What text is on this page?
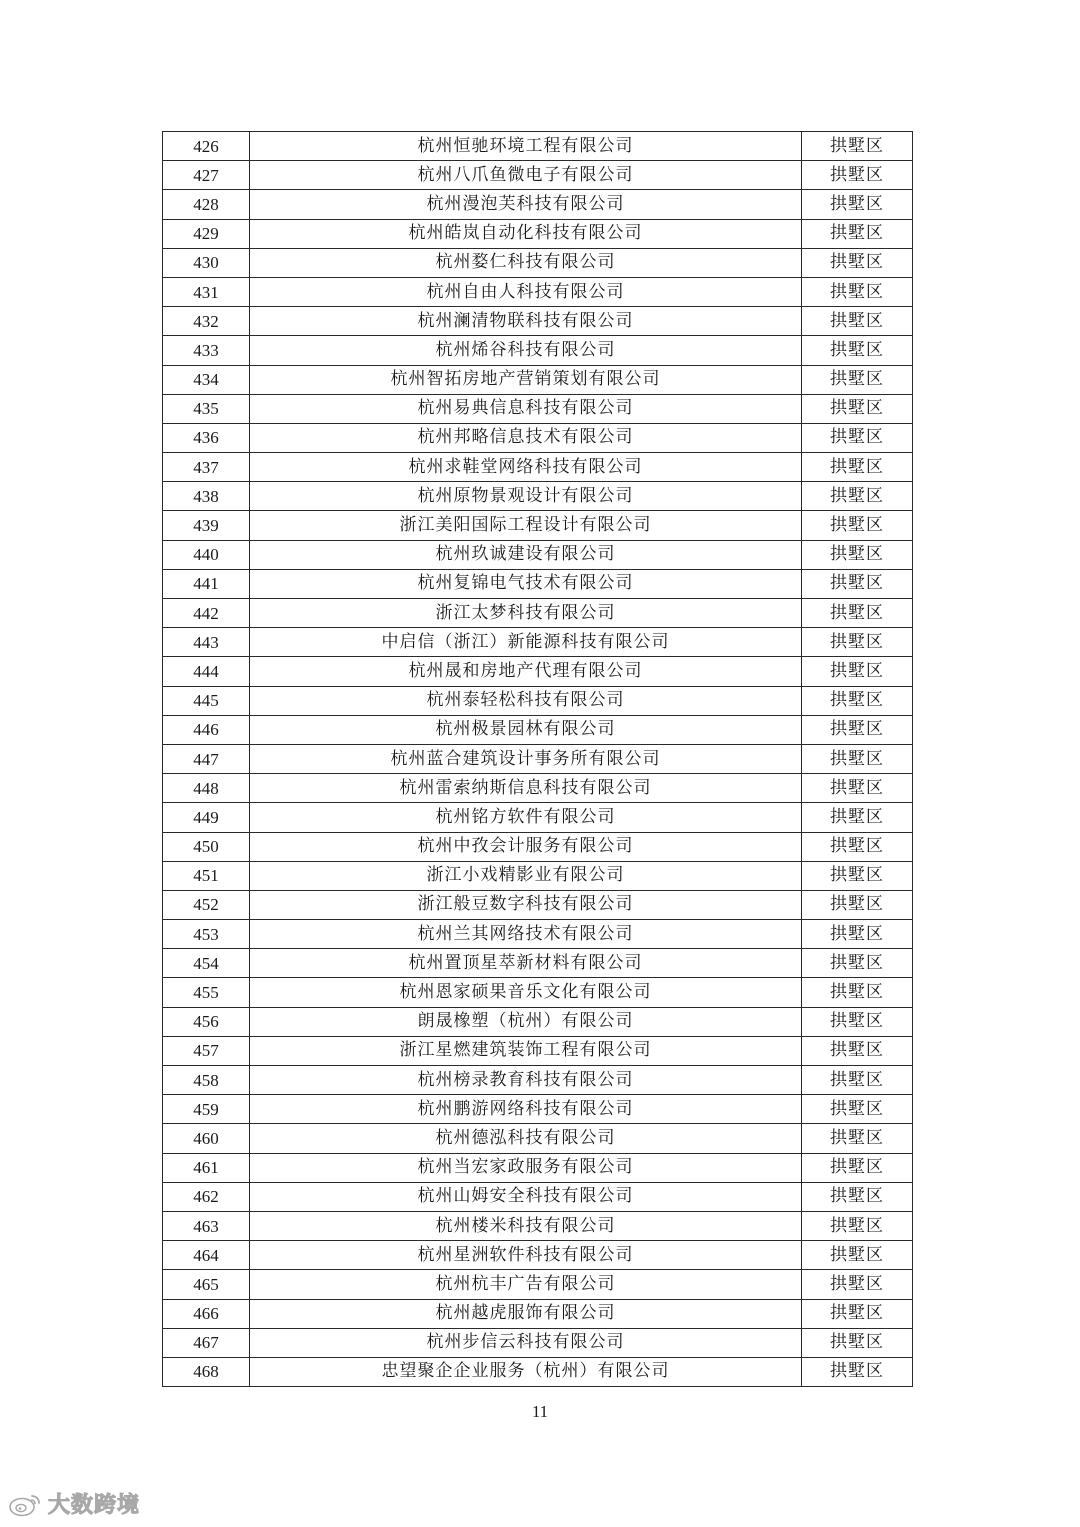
426	杭州恒驰环境工程有限公司	拱墅区
427	杭州八爪鱼微电子有限公司	拱墅区
428	杭州漫泡芙科技有限公司	拱墅区
429	杭州皓岚自动化科技有限公司	拱墅区
430	杭州婺仁科技有限公司	拱墅区
431	杭州自由人科技有限公司	拱墅区
432	杭州澜清物联科技有限公司	拱墅区
433	杭州烯谷科技有限公司	拱墅区
434	杭州智拓房地产营销策划有限公司	拱墅区
435	杭州易典信息科技有限公司	拱墅区
436	杭州邦略信息技术有限公司	拱墅区
437	杭州求鞋堂网络科技有限公司	拱墅区
438	杭州原物景观设计有限公司	拱墅区
439	浙江美阳国际工程设计有限公司	拱墅区
440	杭州玖诚建设有限公司	拱墅区
441	杭州复锦电气技术有限公司	拱墅区
442	浙江太梦科技有限公司	拱墅区
443	中启信（浙江）新能源科技有限公司	拱墅区
444	杭州晟和房地产代理有限公司	拱墅区
445	杭州泰轻松科技有限公司	拱墅区
446	杭州极景园林有限公司	拱墅区
447	杭州蓝合建筑设计事务所有限公司	拱墅区
448	杭州雷索纳斯信息科技有限公司	拱墅区
449	杭州铭方软件有限公司	拱墅区
450	杭州中孜会计服务有限公司	拱墅区
451	浙江小戏精影业有限公司	拱墅区
452	浙江般豆数字科技有限公司	拱墅区
453	杭州兰其网络技术有限公司	拱墅区
454	杭州置顶星萃新材料有限公司	拱墅区
455	杭州恩家硕果音乐文化有限公司	拱墅区
456	朗晟橡塑（杭州）有限公司	拱墅区
457	浙江星燃建筑装饰工程有限公司	拱墅区
458	杭州榜录教育科技有限公司	拱墅区
459	杭州鹏游网络科技有限公司	拱墅区
460	杭州德泓科技有限公司	拱墅区
461	杭州当宏家政服务有限公司	拱墅区
462	杭州山姆安全科技有限公司	拱墅区
463	杭州楼米科技有限公司	拱墅区
464	杭州星洲软件科技有限公司	拱墅区
465	杭州杭丰广告有限公司	拱墅区
466	杭州越虎服饰有限公司	拱墅区
467	杭州步信云科技有限公司	拱墅区
468	忠望聚企企业服务（杭州）有限公司	拱墅区
11
大数跨境
